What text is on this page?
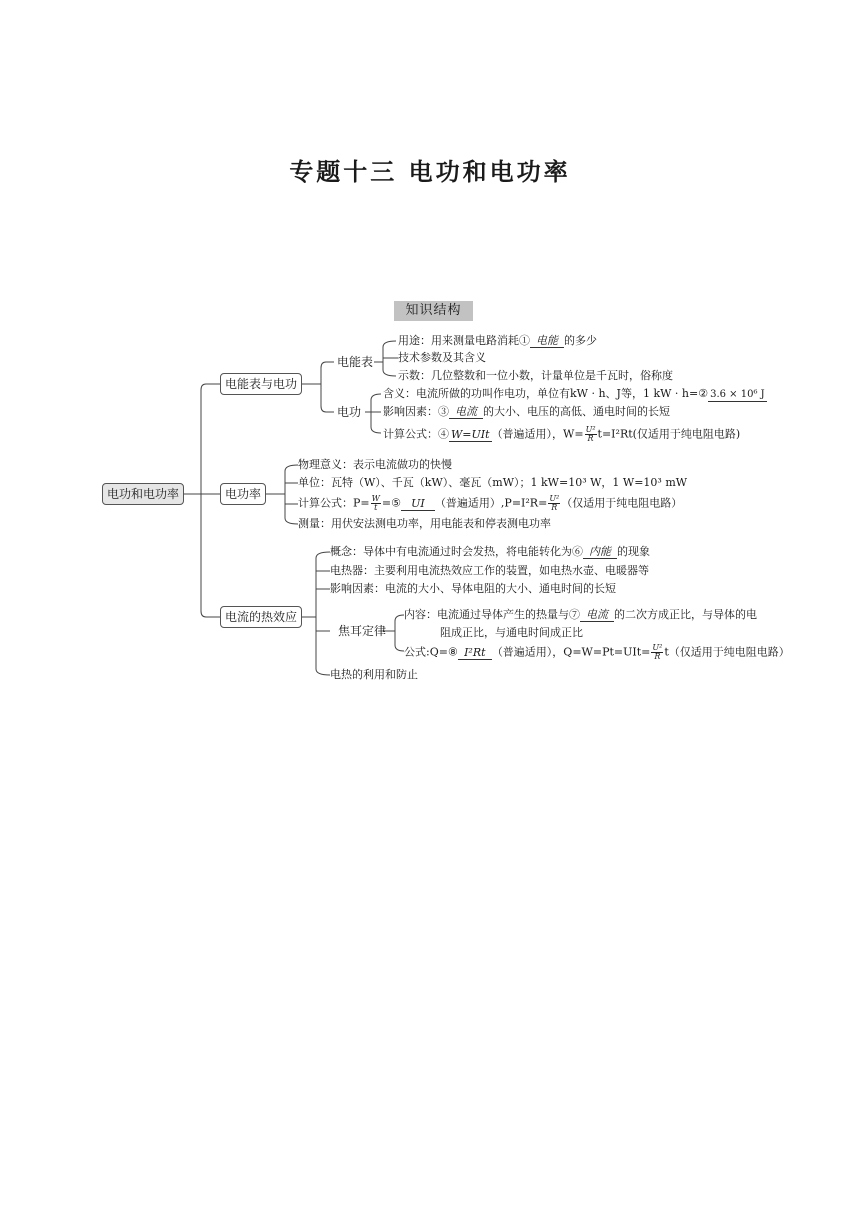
专题十三 电功和电功率
知识结构
电功和电功率
电能表与电功
电功率
电流的热效应
电能表
用途：用来测量电路消耗① 电能 的多少
技术参数及其含义
示数：几位整数和一位小数，计量单位是千瓦时，俗称度
电功
含义：电流所做的功叫作电功，单位有kW · h、J等，1 kW · h=② 3.6 × 10⁶ J
影响因素：③ 电流 的大小、电压的高低、通电时间的长短
计算公式：④ W=UIt （普遍适用），$W= \frac{\text{U²}}{R} t=I^2Rt$(仅适用于纯电阻电路)
物理意义：表示电流做功的快慢
单位：瓦特（W）、千瓦（kW）、毫瓦（mW）；1 kW=10³ W，1 W=10³ mW
计算公式：$P= \frac{W}{t}$ =⑤ UI （普遍适用）$,P=I^2R= \frac{\text{U²}}{R}$ （仅适用于纯电阻电路）
测量：用伏安法测电功率，用电能表和停表测电功率
概念：导体中有电流通过时会发热，将电能转化为⑥ 内能 的现象
电热器：主要利用电流热效应工作的装置，如电热水壶、电暖器等
影响因素：电流的大小、导体电阻的大小、通电时间的长短
焦耳定律
内容：电流通过导体产生的热量与⑦ 电流 的二次方成正比，与导体的电
阻成正比，与通电时间成正比
公式:Q=⑧ I²Rt （普遍适用），$Q=W=Pt=UIt= \frac{\text{U²}}{R} t$（仅适用于纯电阻电路）
电热的利用和防止
